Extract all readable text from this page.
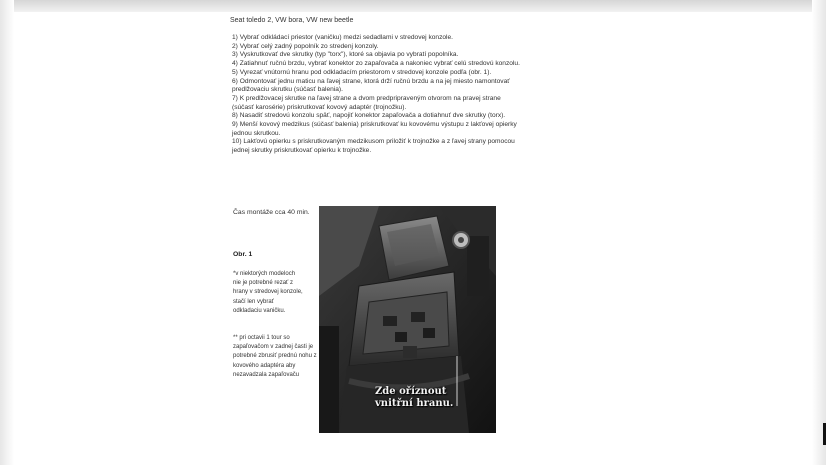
Seat toledo 2, VW bora, VW new beetle
1) Vybrať odkládací priestor (vaničku) medzi sedadlami v stredovej konzole.
2) Vybrať celý zadný popolník zo stredenj konzoly.
3) Vyskrutkovať dve skrutky (typ "torx"), ktoré sa objavia po vybratí popolníka.
4) Zatiahnuť ručnú brzdu, vybrať konektor zo zapaľovača a nakoniec vybrať celú stredovú konzolu.
5) Vyrezať vnútornú hranu pod odkladacím priestorom v stredovej konzole podľa (obr. 1).
6) Odmontovať jednu maticu na ľavej strane, ktorá drží ručnú brzdu a na jej miesto namontovať
predlžovaciu skrutku (súčasť balenia).
7) K predlžovacej skrutke na ľavej strane a dvom predpripraveným otvorom na pravej strane
(súčasť karosérie) priskrutkovať kovový adaptér (trojnožku).
8) Nasadiť stredovú konzolu späť, napojiť konektor zapaľovača a dotiahnuť dve skrutky (torx).
9) Menší kovový medzikus (súčasť balenia) priskrutkovať ku kovovému výstupu z lakťovej opierky
jednou skrutkou.
10) Lakťovú opierku s priskrutkovaným medzikusom priložiť k trojnožke a z ľavej strany pomocou
jednej skrutky priskrutkovať opierku k trojnožke.
Čas montáže cca 40 min.
Obr. 1
*v niektorých modeloch nie je potrebné rezať z hrany v stredovej konzole, stačí len vybrať odkladaciu vaničku.
** pri octavii 1 tour so zapaľovačom v zadnej časti je potrebné zbrusiť prednú nohu z kovového adaptéra aby nezavadzala zapaľovaču
Zde oříznout vnitřní hranu.
